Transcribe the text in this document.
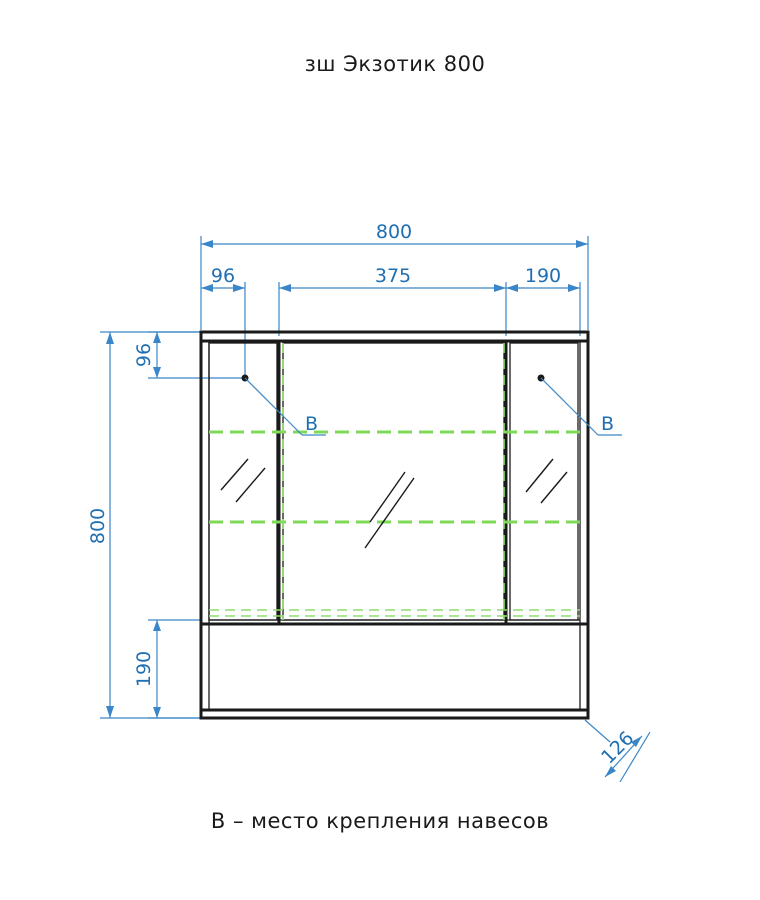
зш Экзотик 800
800
96	375	190
800
96
190
В	В
126
В – место крепления навесов
